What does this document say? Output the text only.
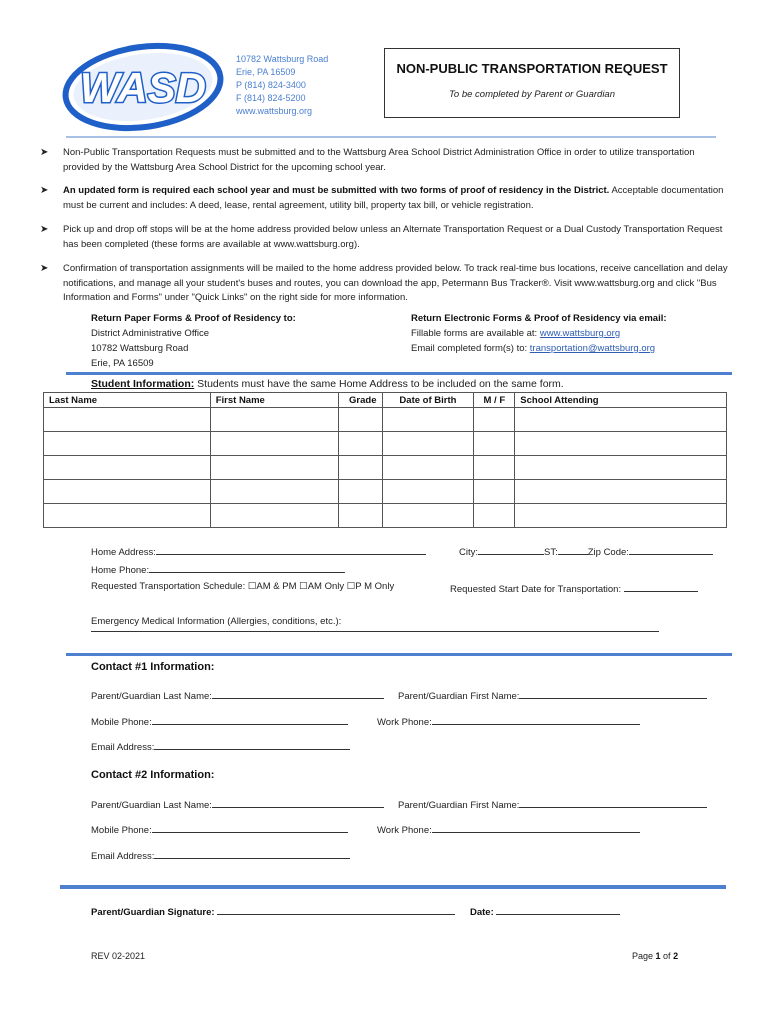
WASD
10782 Wattsburg Road
Erie, PA 16509
P (814) 824-3400
F (814) 824-5200
www.wattsburg.org
NON-PUBLIC TRANSPORTATION REQUEST
To be completed by Parent or Guardian
➤ Non-Public Transportation Requests must be submitted and to the Wattsburg Area School District Administration Office in order to utilize transportation provided by the Wattsburg Area School District for the upcoming school year.
➤ An updated form is required each school year and must be submitted with two forms of proof of residency in the District. Acceptable documentation must be current and includes: A deed, lease, rental agreement, utility bill, property tax bill, or vehicle registration.
➤ Pick up and drop off stops will be at the home address provided below unless an Alternate Transportation Request or a Dual Custody Transportation Request has been completed (these forms are available at www.wattsburg.org).
➤ Confirmation of transportation assignments will be mailed to the home address provided below. To track real-time bus locations, receive cancellation and delay notifications, and manage all your student's buses and routes, you can download the app, Petermann Bus Tracker®. Visit www.wattsburg.org and click "Bus Information and Forms" under "Quick Links" on the right side for more information.
Return Paper Forms & Proof of Residency to:
District Administrative Office
10782 Wattsburg Road
Erie, PA 16509
Return Electronic Forms & Proof of Residency via email:
Fillable forms are available at: www.wattsburg.org
Email completed form(s) to: transportation@wattsburg.org
Student Information: Students must have the same Home Address to be included on the same form.
Last Name	First Name	Grade	Date of Birth	M / F	School Attending

Home Address:	City:	ST:	Zip Code:
Home Phone:
Requested Transportation Schedule: ☐AM & PM ☐AM Only ☐P M Only	Requested Start Date for Transportation:
Emergency Medical Information (Allergies, conditions, etc.):
Contact #1 Information:
Parent/Guardian Last Name:	Parent/Guardian First Name:
Mobile Phone:	Work Phone:
Email Address:
Contact #2 Information:
Parent/Guardian Last Name:	Parent/Guardian First Name:
Mobile Phone:	Work Phone:
Email Address:
Parent/Guardian Signature:	Date:
REV 02-2021	Page 1 of 2
